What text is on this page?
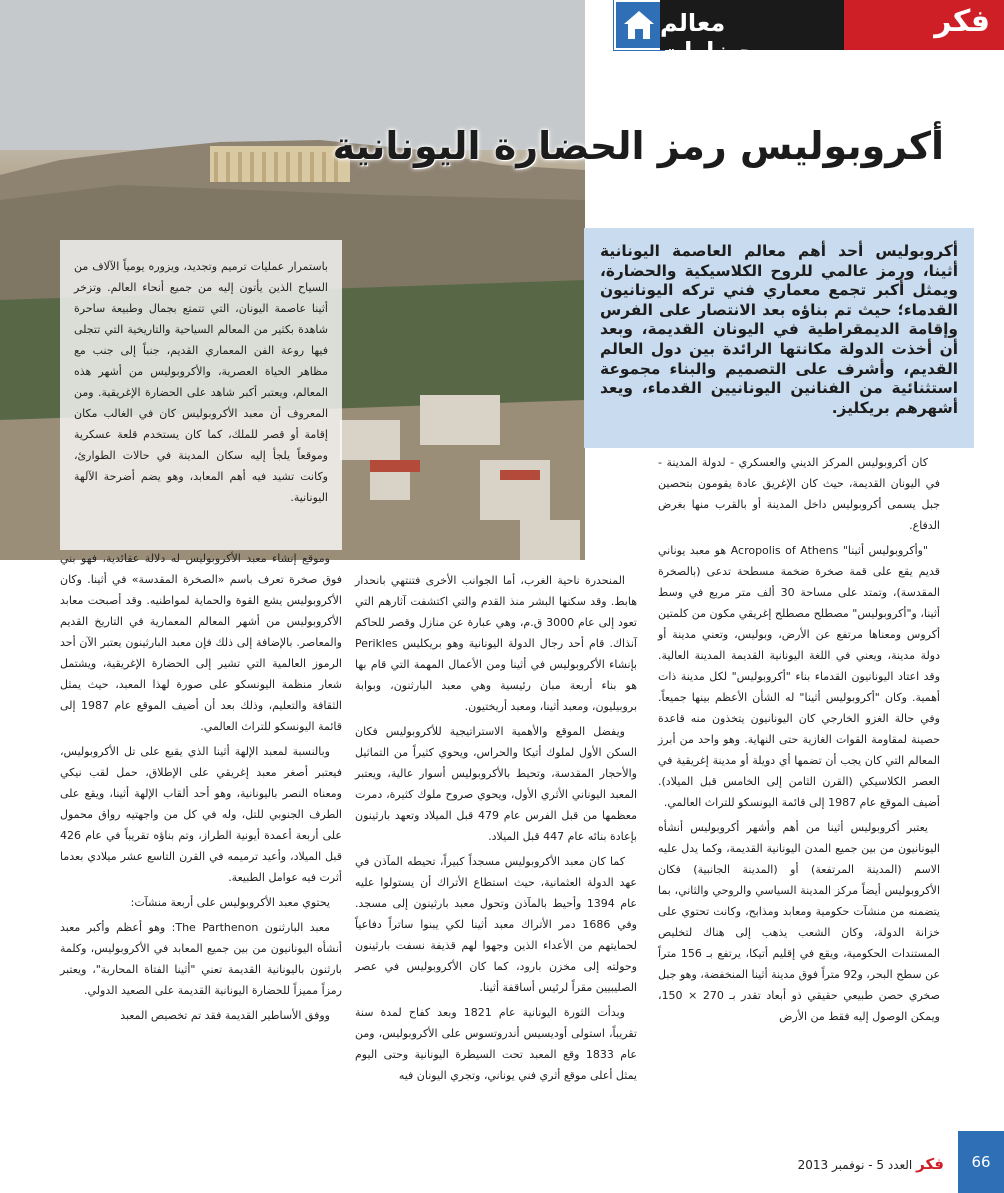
معالم وحضارات
فكر
أكروبوليس رمز الحضارة اليونانية
أكروبوليس أحد أهم معالم العاصمة اليونانية أثينا، ورمز عالمي للروح الكلاسيكية والحضارة، ويمثل أكبر تجمع معماري فني تركه اليونانيون القدماء؛ حيث تم بناؤه بعد الانتصار على الفرس وإقامة الديمقراطية في اليونان القديمة، وبعد أن أخذت الدولة مكانتها الرائدة بين دول العالم القديم، وأشرف على التصميم والبناء مجموعة استثنائية من الفنانين اليونانيين القدماء، ويعد أشهرهم بريكليز.
باستمرار عمليات ترميم وتجديد، ويزوره يومياً الآلاف من السياح الذين يأتون إليه من جميع أنحاء العالم. وتزخر أثينا عاصمة اليونان، التي تتمتع بجمال وطبيعة ساحرة شاهدة بكثير من المعالم السياحية والتاريخية التي تتجلى فيها روعة الفن المعماري القديم، جنباً إلى جنب مع مظاهر الحياة العصرية، والأكروبوليس من أشهر هذه المعالم، ويعتبر أكبر شاهد على الحضارة الإغريقية. ومن المعروف أن معبد الأكروبوليس كان في الغالب مكان إقامة أو قصر للملك، كما كان يستخدم قلعة عسكرية وموقعاً يلجأ إليه سكان المدينة في حالات الطوارئ، وكانت تشيد فيه أهم المعابد، وهو يضم أضرحة الآلهة اليونانية.

كان أكروبوليس المركز الديني والعسكري - لدولة المدينة - في اليونان القديمة، حيث كان الإغريق عادة يقومون بتحصين جبل يسمى أكروبوليس داخل المدينة أو بالقرب منها بغرض الدفاع.

"وأكروبوليس أثينا" Acropolis of Athens هو معبد يوناني قديم يقع على قمة صخرة ضخمة مسطحة تدعى (بالصخرة المقدسة)، وتمتد على مساحة 30 ألف متر مربع في وسط أثينا، و"أكروبوليس" مصطلح مصطلح إغريقي مكون من كلمتين أكروس ومعناها مرتفع عن الأرض، وبوليس، وتعني مدينة أو دولة مدينة، ويعني في اللغة اليونانية القديمة المدينة العالية. وقد اعتاد اليونانيون القدماء بناء "أكروبوليس" لكل مدينة ذات أهمية. وكان "أكروبوليس أثينا" له الشأن الأعظم بينها جميعاً. وفي حالة الغزو الخارجي كان اليونانيون يتخذون منه قاعدة حصينة لمقاومة القوات الغازية حتى النهاية. وهو واحد من أبرز المعالم التي كان يجب أن تضمها أي دويلة أو مدينة إغريقية في العصر الكلاسيكي (القرن الثامن إلى الخامس قبل الميلاد). أضيف الموقع عام 1987 إلى قائمة اليونسكو للتراث العالمي.

يعتبر أكروبوليس أثينا من أهم وأشهر أكروبوليس أنشأه اليونانيون من بين جميع المدن اليونانية القديمة، وكما يدل عليه الاسم (المدينة المرتفعة) أو (المدينة الجانبية) فكان الأكروبوليس أيضاً مركز المدينة السياسي والروحي والثاني، بما يتضمنه من منشآت حكومية ومعابد ومذابح، وكانت تحتوي على خزانة الدولة، وكان الشعب يذهب إلى هناك لتخليص المستندات الحكومية، ويقع في إقليم أتيكا، يرتفع بـ 156 متراً عن سطح البحر، و92 متراً فوق مدينة أثينا المنخفضة، وهو جبل صخري حصن طبيعي حقيقي ذو أبعاد تقدر بـ 270 × 150، ويمكن الوصول إليه فقط من الأرض

المنحدرة ناحية الغرب، أما الجوانب الأخرى فتنتهي بانحدار هابط. وقد سكنها البشر منذ القدم والتي اكتشفت آثارهم التي تعود إلى عام 3000 ق.م، وهي عبارة عن منازل وقصر للحاكم آنذاك. قام أحد رجال الدولة اليونانية وهو بريكليس Perikles بإنشاء الأكروبوليس في أثينا ومن الأعمال المهمة التي قام بها هو بناء أربعة مبان رئيسية وهي معبد البارثنون، وبوابة بروبيليون، ومعبد أثينا، ومعبد أريختيون.

ويفضل الموقع والأهمية الاستراتيجية للأكروبوليس فكان السكن الأول لملوك أتيكا والحراس، ويحوي كثيراً من التماثيل والأحجار المقدسة، وتحيط بالأكروبوليس أسوار عالية، ويعتبر المعبد اليوناني الأثري الأول، ويحوي صروح ملوك كثيرة، دمرت معظمها من قبل الفرس عام 479 قبل الميلاد وتعهد بارثينون بإعادة بنائه عام 447 قبل الميلاد.

كما كان معبد الأكروبوليس مسجداً كبيراً، تحيطه المآذن في عهد الدولة العثمانية، حيث استطاع الأتراك أن يستولوا عليه عام 1394 وأحيط بالمآذن وتحول معبد بارثينون إلى مسجد. وفي 1686 دمر الأتراك معبد أثينا لكي يبنوا ساتراً دفاعياً لحمايتهم من الأعداء الذين وجهوا لهم قذيفة نسفت بارثينون وحولته إلى مخزن بارود، كما كان الأكروبوليس في عصر الصليبيين مقراً لرئيس أساقفة أثينا.

وبدأت الثورة اليونانية عام 1821 وبعد كفاح لمدة سنة تقريباً، استولى أوديسيس أندروتسوس على الأكروبوليس، ومن عام 1833 وقع المعبد تحت السيطرة اليونانية وحتى اليوم يمثل أعلى موقع أثري فني يوناني، وتجري اليونان فيه

وموقع إنشاء معبد الأكروبوليس له دلالة عقائدية، فهو بني فوق صخرة تعرف باسم «الصخرة المقدسة» في أثينا. وكان الأكروبوليس يشع القوة والحماية لمواطنيه. وقد أصبحت معابد الأكروبوليس من أشهر المعالم المعمارية في التاريخ القديم والمعاصر. بالإضافة إلى ذلك فإن معبد البارثينون يعتبر الآن أحد الرموز العالمية التي تشير إلى الحضارة الإغريقية، ويشتمل شعار منظمة اليونسكو على صورة لهذا المعبد، حيث يمثل الثقافة والتعليم، وذلك بعد أن أضيف الموقع عام 1987 إلى قائمة اليونسكو للتراث العالمي.

وبالنسبة لمعبد الإلهة أثينا الذي يقبع على تل الأكروبوليس، فيعتبر أصغر معبد إغريقي على الإطلاق، حمل لقب نيكي ومعناه النصر باليونانية، وهو أحد ألقاب الإلهة أثينا، ويقع على الطرف الجنوبي للتل، وله في كل من واجهتيه رواق محمول على أربعة أعمدة أيونية الطراز، وتم بناؤه تقريباً في عام 426 قبل الميلاد، وأعيد ترميمه في القرن التاسع عشر ميلادي بعدما أثرت فيه عوامل الطبيعة.

يحتوي معبد الأكروبوليس على أربعة منشآت:

معبد البارثنون The Parthenon: وهو أعظم وأكبر معبد أنشأه اليونانيون من بين جميع المعابد في الأكروبوليس، وكلمة بارثنون باليونانية القديمة تعني "أثينا الفتاة المحاربة"، ويعتبر رمزاً مميزاً للحضارة اليونانية القديمة على الصعيد الدولي.

ووفق الأساطير القديمة فقد تم تخصيص المعبد

فكر العدد 5 - نوفمبر 2013	66
